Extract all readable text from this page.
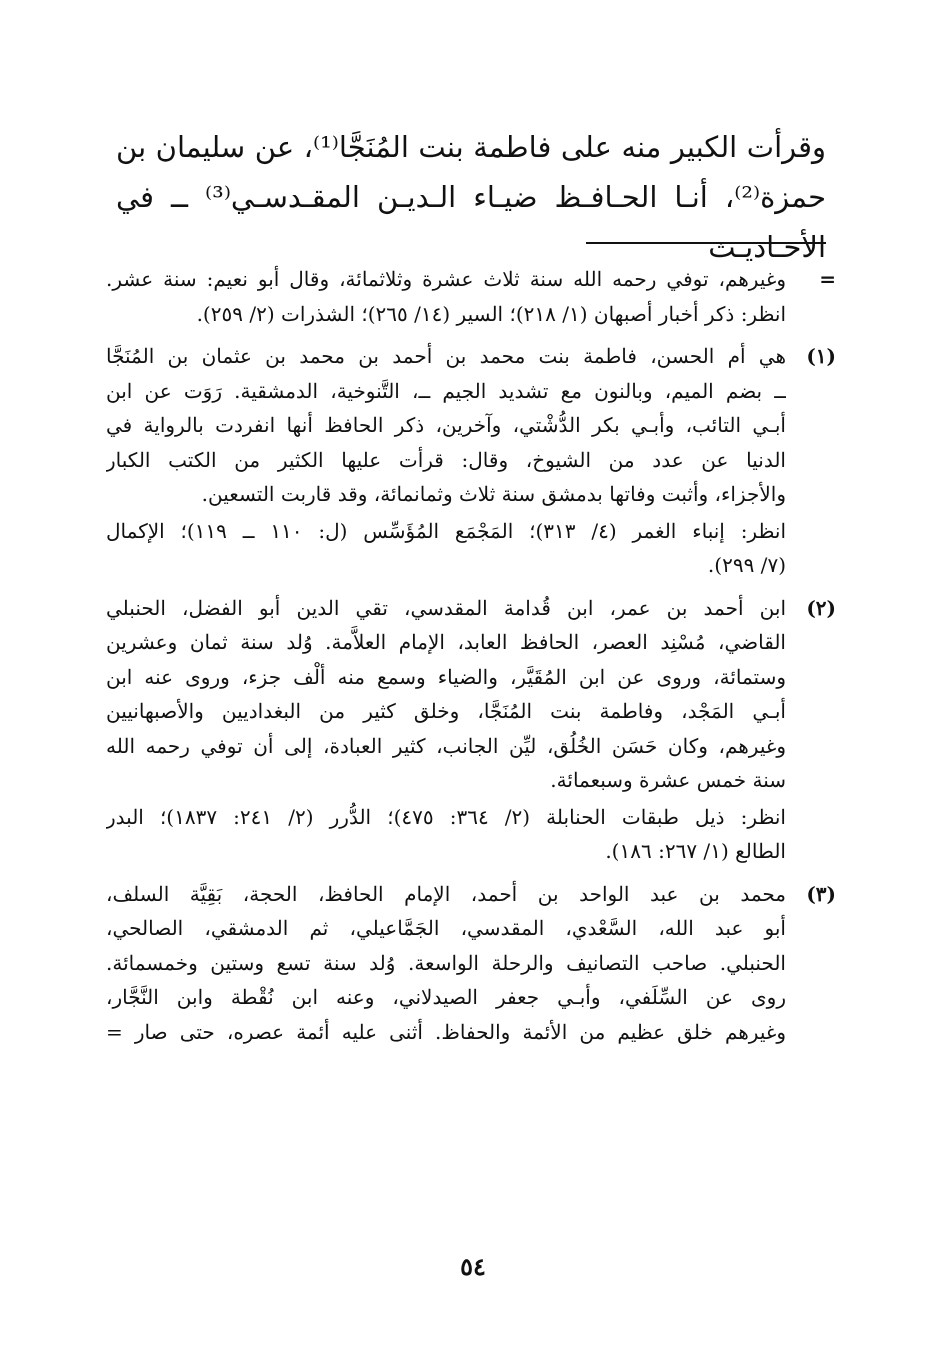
وقرأت الكبير منه على فاطمة بنت المُنَجَّا⁽¹⁾، عن سليمان بن

حمزة⁽²⁾، أنـا الحـافـظ ضيـاء الـديـن المقـدسـي⁽³⁾ ــ في الأحـاديـث

=
وغيرهم، توفي رحمه الله سنة ثلاث عشرة وثلاثمائة، وقال أبو نعيم: سنة عشر.
انظر: ذكر أخبار أصبهان (١/ ٢١٨)؛ السير (١٤/ ٢٦٥)؛ الشذرات (٢/ ٢٥٩).
(١)
هي أم الحسن، فاطمة بنت محمد بن أحمد بن محمد بن عثمان بن المُنَجَّا
ــ بضم الميم، وبالنون مع تشديد الجيم ــ، التَّنوخية، الدمشقية. رَوَت عن ابن
أبـي التائب، وأبـي بكر الدُّشْتي، وآخرين، ذكر الحافظ أنها انفردت بالرواية في
الدنيا عن عدد من الشيوخ، وقال: قرأت عليها الكثير من الكتب الكبار
والأجزاء، وأثبت وفاتها بدمشق سنة ثلاث وثمانمائة، وقد قاربت التسعين.
انظر: إنباء الغمر (٤/ ٣١٣)؛ المَجْمَع المُؤَسِّس (ل: ١١٠ ــ ١١٩)؛ الإكمال
(٧/ ٢٩٩).
(٢)
ابن أحمد بن عمر، ابن قُدامة المقدسي، تقي الدين أبو الفضل، الحنبلي
القاضي، مُسْنِد العصر، الحافظ العابد، الإمام العلاَّمة. وُلد سنة ثمان وعشرين
وستمائة، وروى عن ابن المُقَيَّر، والضياء وسمع منه ألْف جزء، وروى عنه ابن
أبـي المَجْد، وفاطمة بنت المُنَجَّا، وخلق كثير من البغداديين والأصبهانيين
وغيرهم، وكان حَسَن الخُلُق، ليِّن الجانب، كثير العبادة، إلى أن توفي رحمه الله
سنة خمس عشرة وسبعمائة.
انظر: ذيل طبقات الحنابلة (٢/ ٣٦٤: ٤٧٥)؛ الدُّرر (٢/ ٢٤١: ١٨٣٧)؛ البدر
الطالع (١/ ٢٦٧: ١٨٦).
(٣)
محمد بن عبد الواحد بن أحمد، الإمام الحافظ، الحجة، بَقِيَّة السلف،
أبو عبد الله، السَّعْدي، المقدسي، الجَمَّاعيلي، ثم الدمشقي، الصالحي،
الحنبلي. صاحب التصانيف والرحلة الواسعة. وُلد سنة تسع وستين وخمسمائة.
روى عن السِّلَفي، وأبـي جعفر الصيدلاني، وعنه ابن نُقْطة وابن النَّجَّار،
وغيرهم خلق عظيم من الأئمة والحفاظ. أثنى عليه أئمة عصره، حتى صار =
٥٤
